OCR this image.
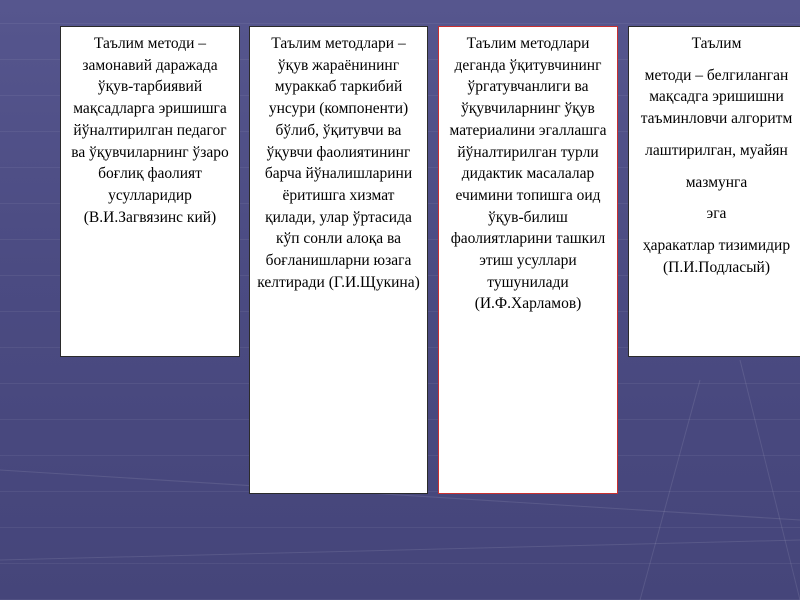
Таълим методи – замонавий даражада ўқув-тарбиявий мақсадларга эришишга йўналтирилган педагог ва ўқувчиларнинг ўзаро боғлиқ фаолият усулларидир (В.И.Загвязинс кий)

Таълим методлари – ўқув жараёнининг мураккаб таркибий унсури (компоненти) бўлиб, ўқитувчи ва ўқувчи фаолиятининг барча йўналишларини ёритишга хизмат қилади, улар ўртасида кўп сонли алоқа ва боғланишларни юзага келтиради (Г.И.Щукина)

Таълим методлари деганда ўқитувчининг ўргатувчанлиги ва ўқувчиларнинг ўқув материалини эгаллашга йўналтирилган турли дидактик масалалар ечимини топишга оид ўқув-билиш фаолиятларини ташкил этиш усуллари тушунилади (И.Ф.Харламов)

Таълим

методи – белгиланган мақсадга эришишни таъминловчи алгоритм

лаштирилган, муайян

мазмунга

эга

ҳаракатлар тизимидир (П.И.Подласый)
